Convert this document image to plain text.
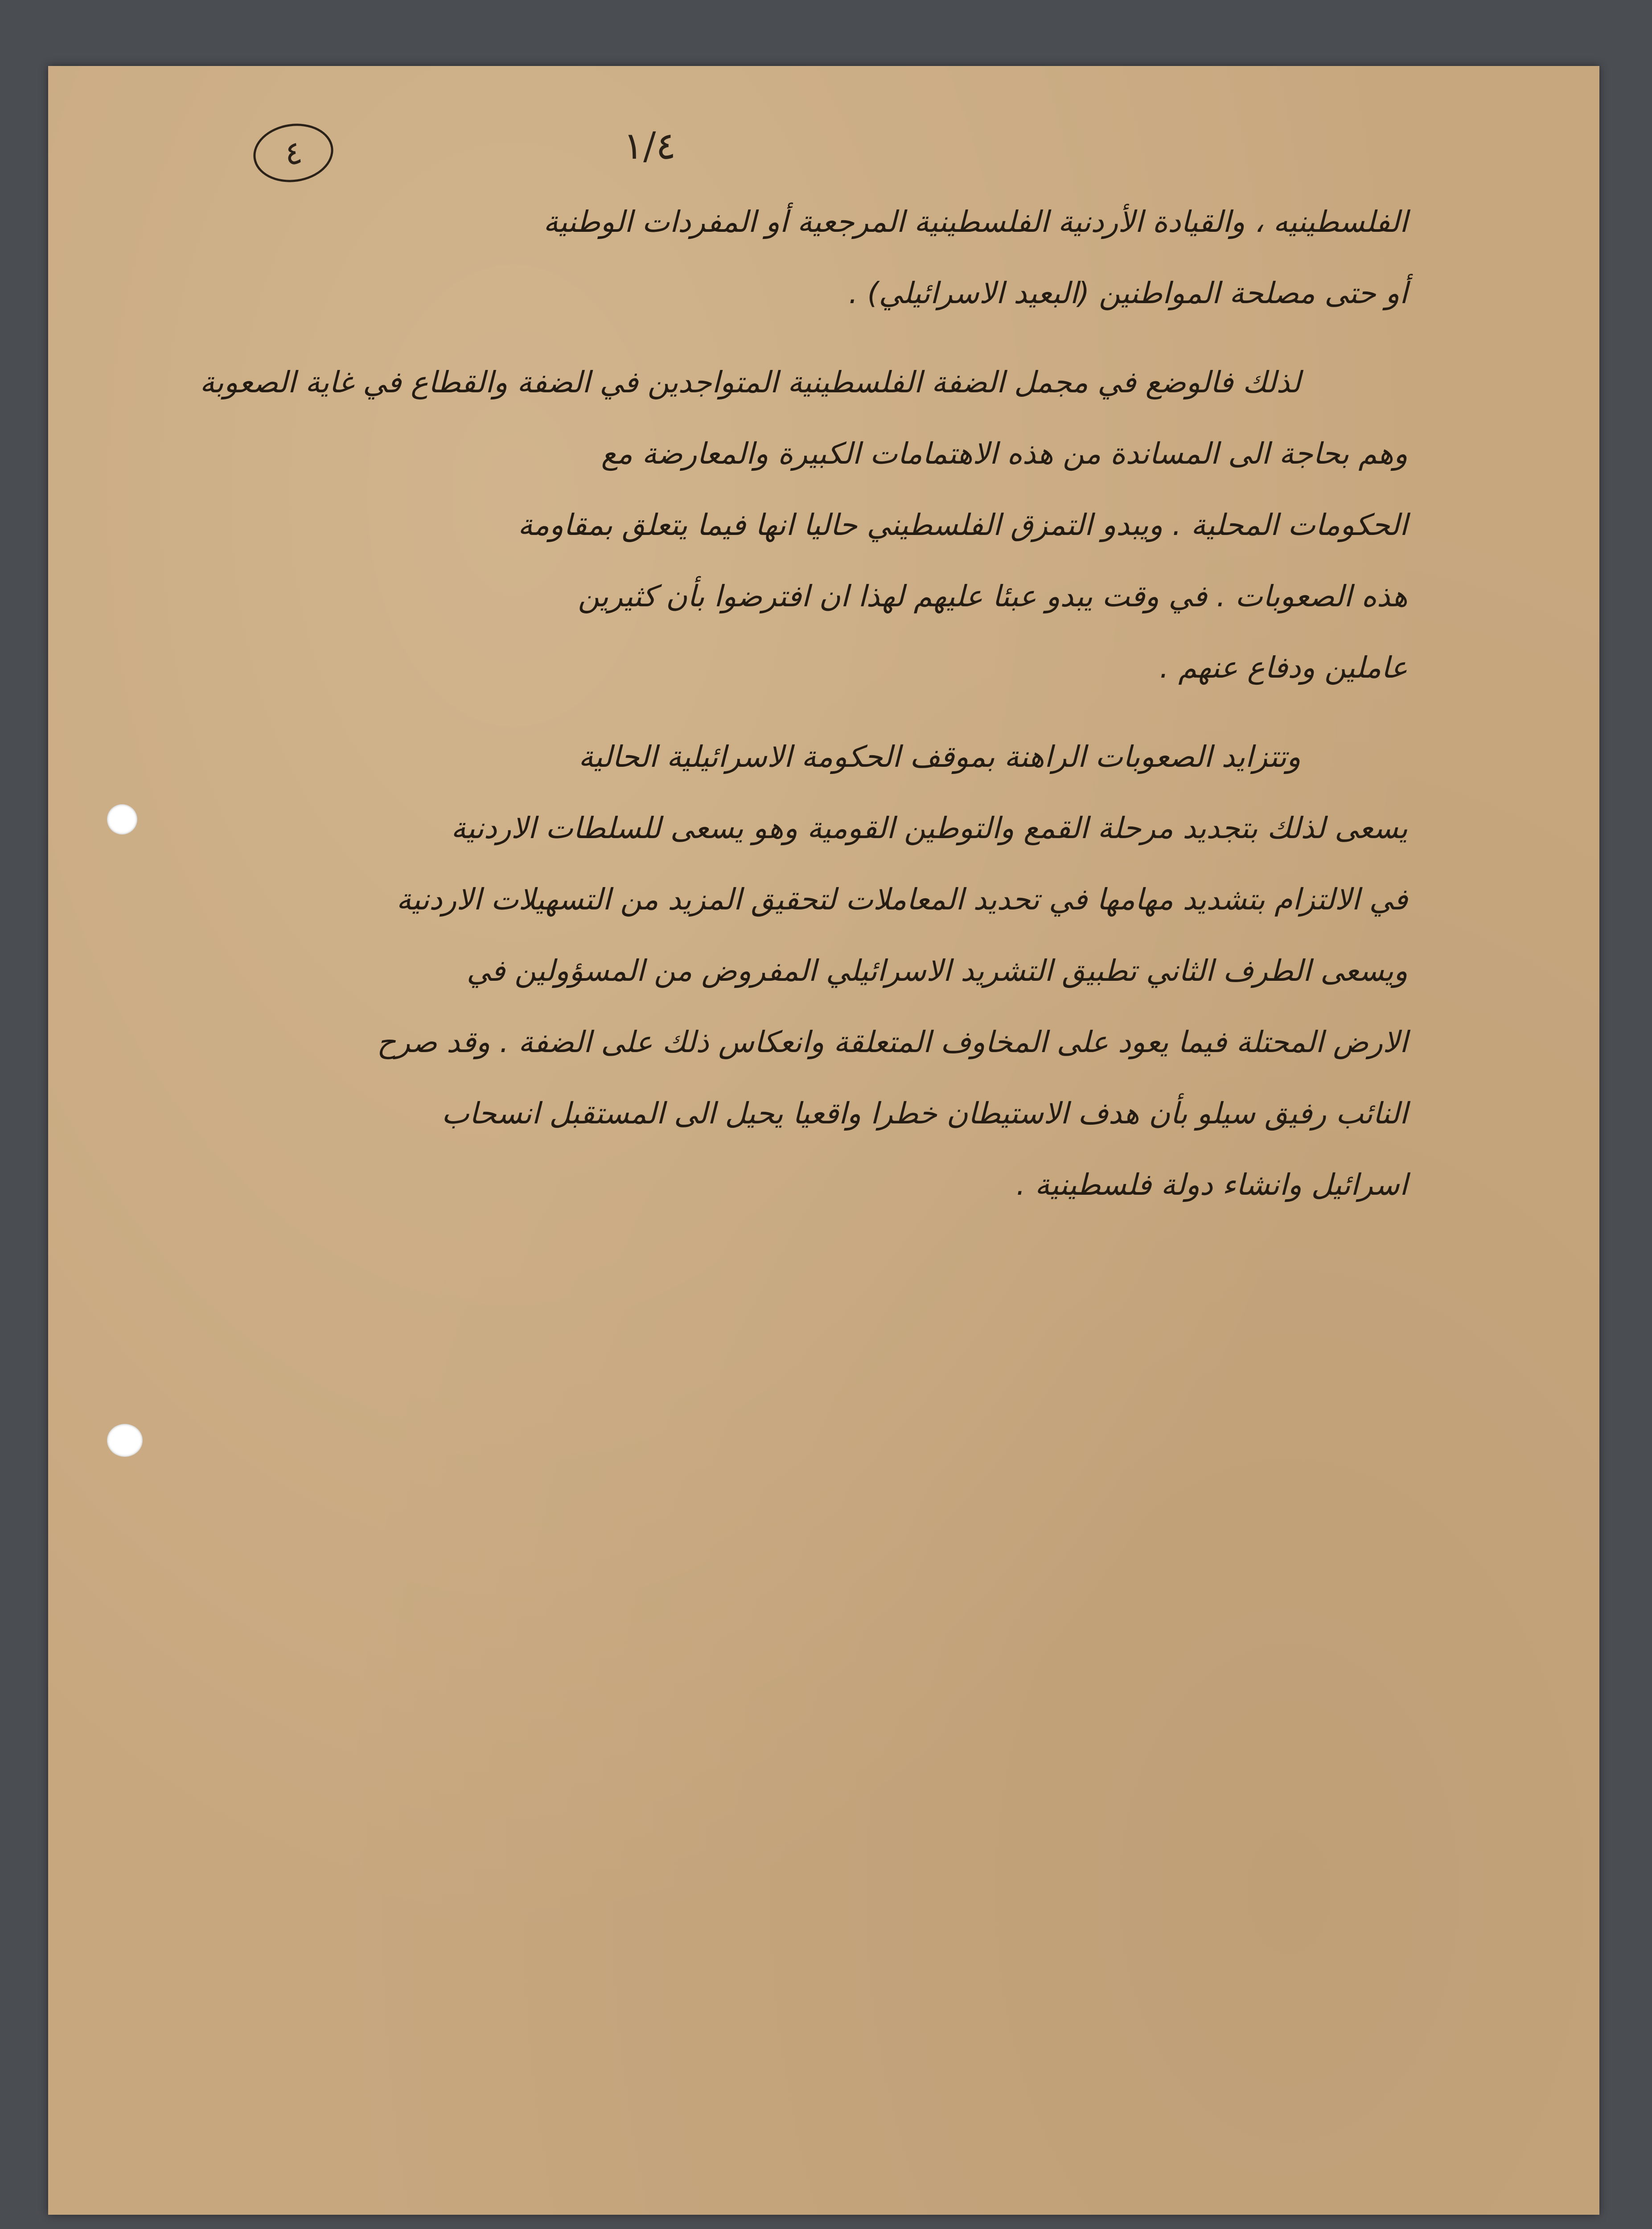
٤	١/٤
الفلسطينيه ، والقيادة الأردنية الفلسطينية المرجعية أو المفردات الوطنية
أو حتى مصلحة المواطنين (البعيد الاسرائيلي) .
لذلك فالوضع في مجمل الضفة الفلسطينية المتواجدين في الضفة والقطاع في غاية الصعوبة
وهم بحاجة الى المساندة من هذه الاهتمامات الكبيرة والمعارضة مع
الحكومات المحلية . ويبدو التمزق الفلسطيني حاليا انها فيما يتعلق بمقاومة
هذه الصعوبات . في وقت يبدو عبئا عليهم لهذا ان افترضوا بأن كثيرين
عاملين ودفاع عنهم .
وتتزايد الصعوبات الراهنة بموقف الحكومة الاسرائيلية الحالية
يسعى لذلك بتجديد مرحلة القمع والتوطين القومية وهو يسعى للسلطات الاردنية
في الالتزام بتشديد مهامها في تحديد المعاملات لتحقيق المزيد من التسهيلات الاردنية
ويسعى الطرف الثاني تطبيق التشريد الاسرائيلي المفروض من المسؤولين في
الارض المحتلة فيما يعود على المخاوف المتعلقة وانعكاس ذلك على الضفة . وقد صرح
النائب رفيق سيلو بأن هدف الاستيطان خطرا واقعيا يحيل الى المستقبل انسحاب
اسرائيل وانشاء دولة فلسطينية .
